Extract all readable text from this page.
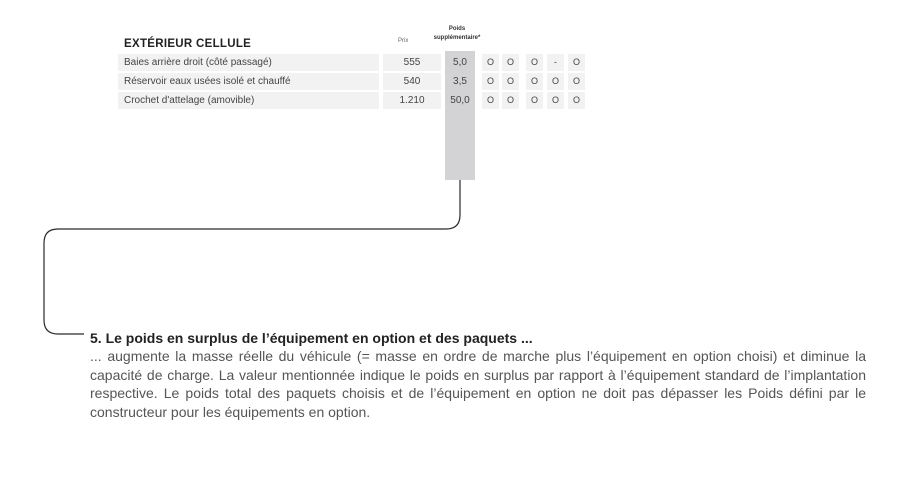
EXTÉRIEUR CELLULE	Prix
Poids
supplémentaire*
Baies arrière droit (côté passagé)	555	5,0	O	O	O	-	O
Réservoir eaux usées isolé et chauffé	540	3,5	O	O	O	O	O
Crochet d'attelage (amovible)	1.210	50,0	O	O	O	O	O
5. Le poids en surplus de l’équipement en option et des paquets ...
... augmente la masse réelle du véhicule (= masse en ordre de marche plus l’équipement en option choisi) et diminue la capacité de charge. La valeur mentionnée indique le poids en surplus par rapport à l’équipement standard de l’implantation respective. Le poids total des paquets choisis et de l’équipement en option ne doit pas dépasser les Poids défini par le constructeur pour les équipements en option.
